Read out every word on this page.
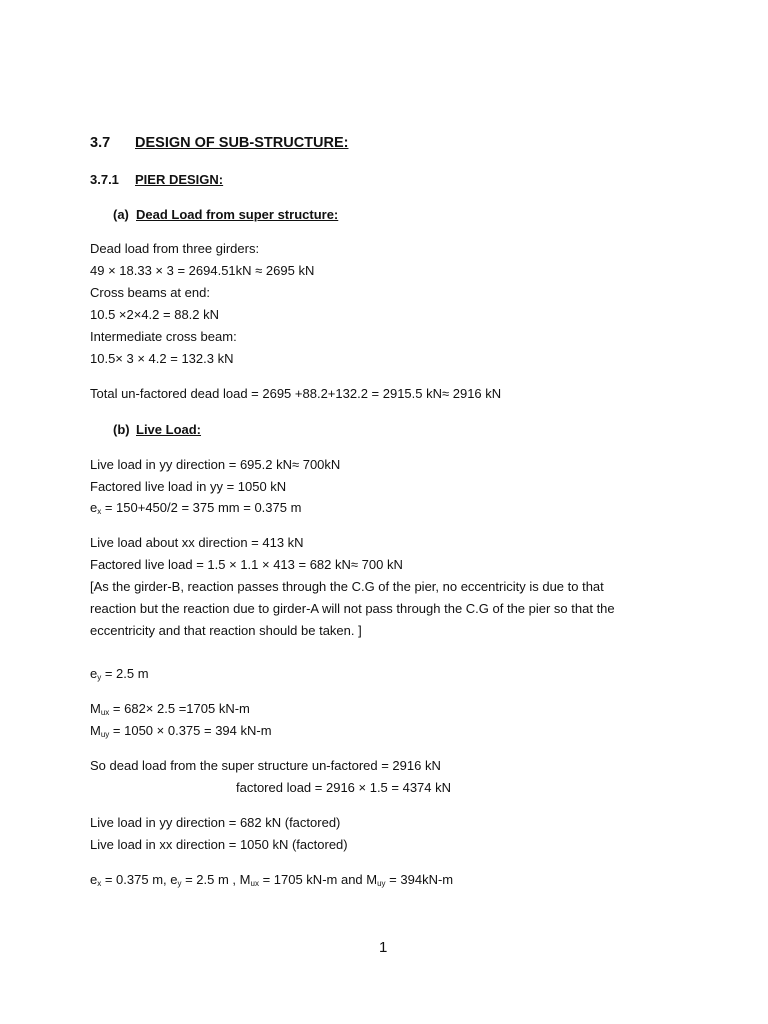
3.7 DESIGN OF SUB-STRUCTURE:
3.7.1 PIER DESIGN:
(a) Dead Load from super structure:
Dead load from three girders:
49 × 18.33 × 3 = 2694.51kN ≈ 2695 kN
Cross beams at end:
10.5 ×2×4.2 = 88.2 kN
Intermediate cross beam:
10.5× 3 × 4.2 = 132.3 kN
Total un-factored dead load = 2695 +88.2+132.2 = 2915.5 kN≈ 2916 kN
(b) Live Load:
Live load in yy direction = 695.2 kN≈ 700kN
Factored live load in yy = 1050 kN
$e_x = 150+450/2 = 375$ mm = 0.375 m
Live load about xx direction = 413 kN
Factored live load = 1.5 × 1.1 × 413 = 682 kN≈ 700 kN
[As the girder-B, reaction passes through the C.G of the pier, no eccentricity is due to that
reaction but the reaction due to girder-A will not pass through the C.G of the pier so that the
eccentricity and that reaction should be taken. ]
$e_y = 2.5$ m
$M_{ux} = 682\times 2.5 =1705$ kN-m
$M_{uy} = 1050 \times 0.375 = 394$ kN-m
So dead load from the super structure un-factored = 2916 kN
factored load = 2916 × 1.5 = 4374 kN
Live load in yy direction = 682 kN (factored)
Live load in xx direction = 1050 kN (factored)
$e_x = 0.375$ m, $e_y = 2.5$ m , $M_{ux} = 1705$ kN-m and $M_{uy} = 394kN-m$
1
